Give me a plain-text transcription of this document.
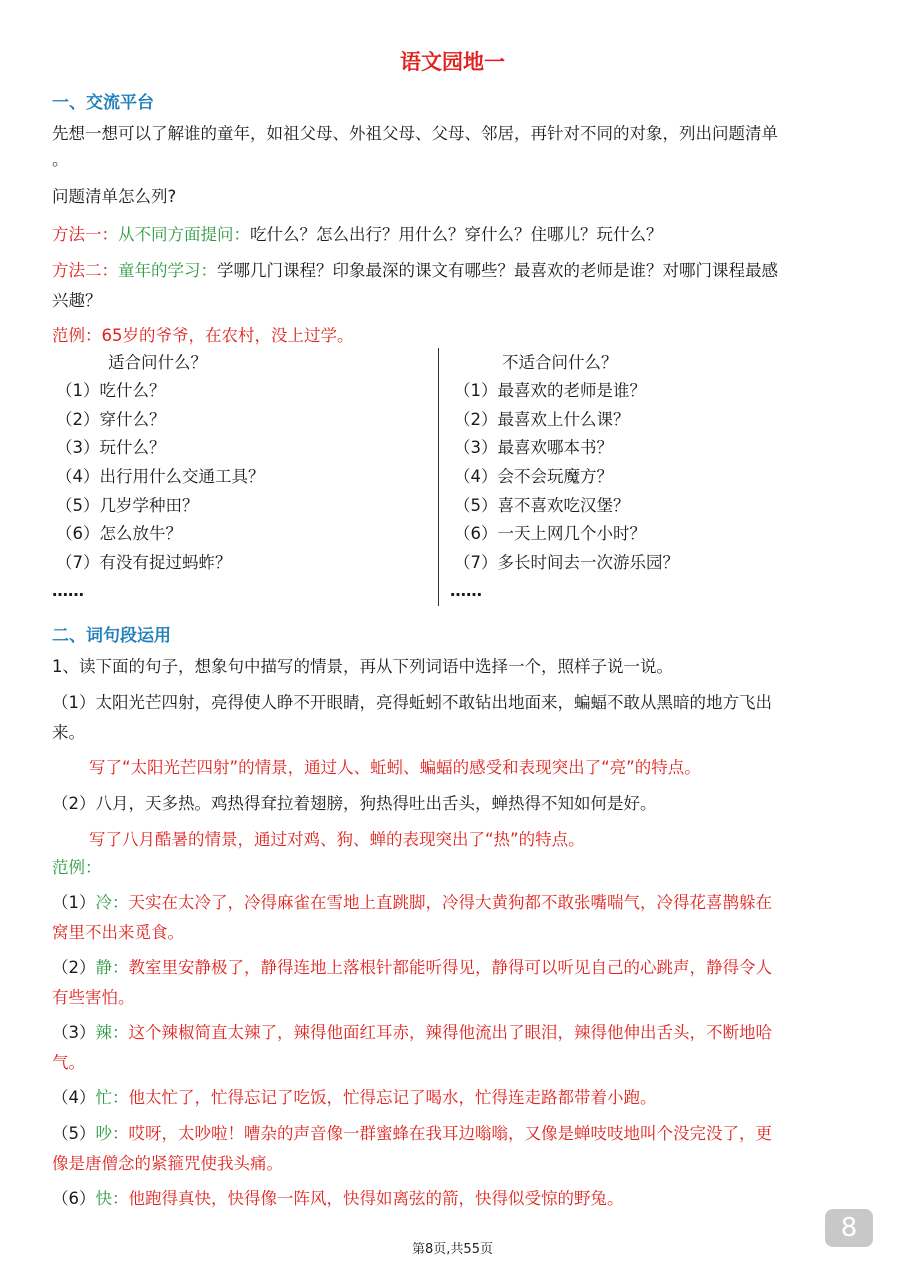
语文园地一
一、交流平台
先想一想可以了解谁的童年，如祖父母、外祖父母、父母、邻居，再针对不同的对象，列出问题清单
。
问题清单怎么列?
方法一：从不同方面提问：吃什么？怎么出行？用什么？穿什么？住哪儿？玩什么？
方法二：童年的学习：学哪几门课程？印象最深的课文有哪些？最喜欢的老师是谁？对哪门课程最感
兴趣？
范例：65岁的爷爷，在农村，没上过学。
适合问什么？
（1）吃什么？
（2）穿什么？
（3）玩什么？
（4）出行用什么交通工具？
（5）几岁学种田？
（6）怎么放牛？
（7）有没有捉过蚂蚱？
……
不适合问什么？
（1）最喜欢的老师是谁？
（2）最喜欢上什么课？
（3）最喜欢哪本书？
（4）会不会玩魔方？
（5）喜不喜欢吃汉堡？
（6）一天上网几个小时？
（7）多长时间去一次游乐园？
……
二、词句段运用
1、读下面的句子，想象句中描写的情景，再从下列词语中选择一个，照样子说一说。
（1）太阳光芒四射，亮得使人睁不开眼睛，亮得蚯蚓不敢钻出地面来，蝙蝠不敢从黑暗的地方飞出
来。
写了“太阳光芒四射”的情景，通过人、蚯蚓、蝙蝠的感受和表现突出了“亮”的特点。
（2）八月，天多热。鸡热得耷拉着翅膀，狗热得吐出舌头，蝉热得不知如何是好。
写了八月酷暑的情景，通过对鸡、狗、蝉的表现突出了“热”的特点。
范例：
（1）冷：天实在太冷了，冷得麻雀在雪地上直跳脚，冷得大黄狗都不敢张嘴喘气，冷得花喜鹊躲在
窝里不出来觅食。
（2）静：教室里安静极了，静得连地上落根针都能听得见，静得可以听见自己的心跳声，静得令人
有些害怕。
（3）辣：这个辣椒简直太辣了，辣得他面红耳赤，辣得他流出了眼泪，辣得他伸出舌头，不断地哈
气。
（4）忙：他太忙了，忙得忘记了吃饭，忙得忘记了喝水，忙得连走路都带着小跑。
（5）吵：哎呀，太吵啦！嘈杂的声音像一群蜜蜂在我耳边嗡嗡，又像是蝉吱吱地叫个没完没了，更
像是唐僧念的紧箍咒使我头痛。
（6）快：他跑得真快，快得像一阵风，快得如离弦的箭，快得似受惊的野兔。
第8页,共55页
8
